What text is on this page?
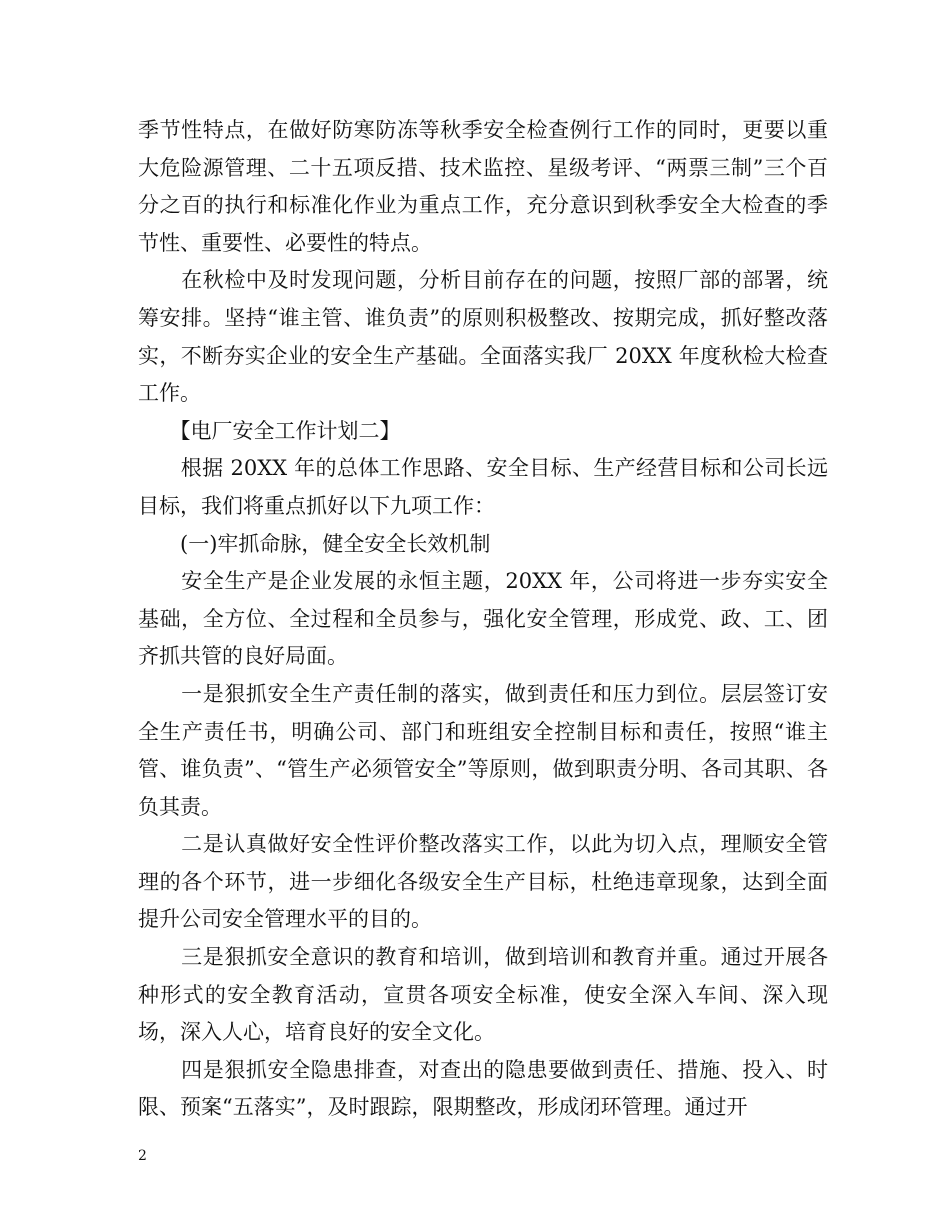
季节性特点，在做好防寒防冻等秋季安全检查例行工作的同时，更要以重大危险源管理、二十五项反措、技术监控、星级考评、“两票三制”三个百分之百的执行和标准化作业为重点工作，充分意识到秋季安全大检查的季节性、重要性、必要性的特点。

　　在秋检中及时发现问题，分析目前存在的问题，按照厂部的部署，统筹安排。坚持“谁主管、谁负责”的原则积极整改、按期完成，抓好整改落实，不断夯实企业的安全生产基础。全面落实我厂 20XX 年度秋检大检查工作。

　　【电厂安全工作计划二】

　　根据 20XX 年的总体工作思路、安全目标、生产经营目标和公司长远目标，我们将重点抓好以下九项工作：

　　(一)牢抓命脉，健全安全长效机制

　　安全生产是企业发展的永恒主题，20XX 年，公司将进一步夯实安全基础，全方位、全过程和全员参与，强化安全管理，形成党、政、工、团齐抓共管的良好局面。

　　一是狠抓安全生产责任制的落实，做到责任和压力到位。层层签订安全生产责任书，明确公司、部门和班组安全控制目标和责任，按照“谁主管、谁负责”、“管生产必须管安全”等原则，做到职责分明、各司其职、各负其责。

　　二是认真做好安全性评价整改落实工作，以此为切入点，理顺安全管理的各个环节，进一步细化各级安全生产目标，杜绝违章现象，达到全面提升公司安全管理水平的目的。

　　三是狠抓安全意识的教育和培训，做到培训和教育并重。通过开展各种形式的安全教育活动，宣贯各项安全标准，使安全深入车间、深入现场，深入人心，培育良好的安全文化。

　　四是狠抓安全隐患排查，对查出的隐患要做到责任、措施、投入、时限、预案“五落实”，及时跟踪，限期整改，形成闭环管理。通过开

2
